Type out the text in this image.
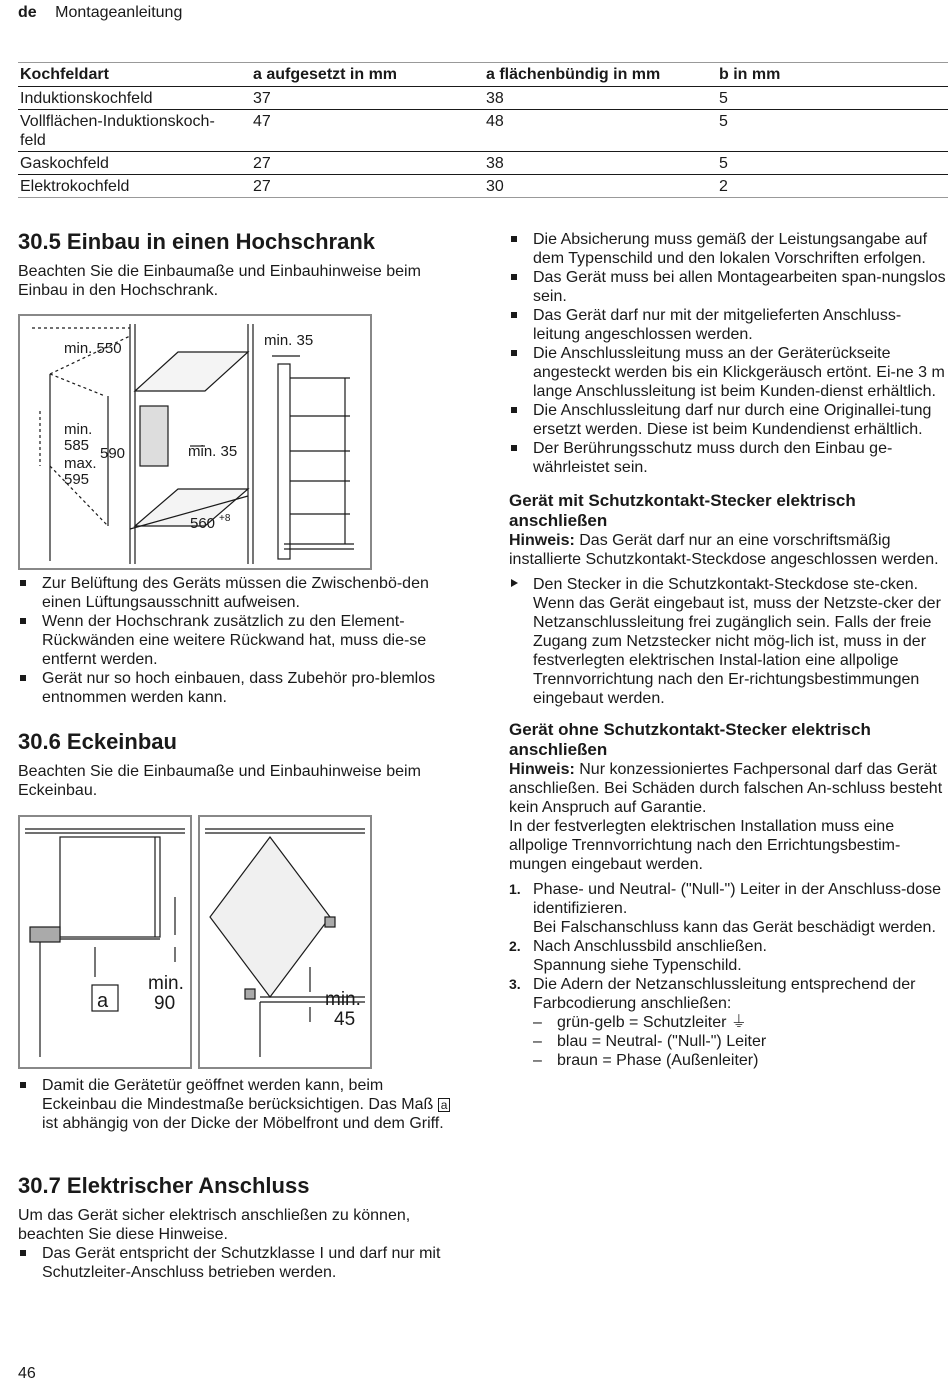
de Montageanleitung
Kochfeldart	a aufgesetzt in mm	a flächenbündig in mm	b in mm
Induktionskochfeld	37	38	5
Vollflächen-Induktionskoch-
feld	47	48	5
Gaskochfeld	27	38	5
Elektrokochfeld	27	30	2
30.5 Einbau in einen Hochschrank

Beachten Sie die Einbaumaße und Einbauhinweise beim Einbau in den Hochschrank.

min. 550	min. 35
min.
585 590
max.
595
min. 35
560 +8
Zur Belüftung des Geräts müssen die Zwischenbö-den einen Lüftungsausschnitt aufweisen.
Wenn der Hochschrank zusätzlich zu den Element-Rückwänden eine weitere Rückwand hat, muss die-se entfernt werden.
Gerät nur so hoch einbauen, dass Zubehör pro-blemlos entnommen werden kann.
30.6 Eckeinbau

Beachten Sie die Einbaumaße und Einbauhinweise beim Eckeinbau.

min.
90
a	min.
45
Damit die Gerätetür geöffnet werden kann, beim Eckeinbau die Mindestmaße berücksichtigen. Das Maß a ist abhängig von der Dicke der Möbelfront und dem Griff.
30.7 Elektrischer Anschluss

Um das Gerät sicher elektrisch anschließen zu können, beachten Sie diese Hinweise.

Das Gerät entspricht der Schutzklasse I und darf nur mit Schutzleiter-Anschluss betrieben werden.
Die Absicherung muss gemäß der Leistungsangabe auf dem Typenschild und den lokalen Vorschriften erfolgen.
Das Gerät muss bei allen Montagearbeiten span-nungslos sein.
Das Gerät darf nur mit der mitgelieferten Anschluss-leitung angeschlossen werden.
Die Anschlussleitung muss an der Geräterückseite angesteckt werden bis ein Klickgeräusch ertönt. Ei-ne 3 m lange Anschlussleitung ist beim Kunden-dienst erhältlich.
Die Anschlussleitung darf nur durch eine Originallei-tung ersetzt werden. Diese ist beim Kundendienst erhältlich.
Der Berührungsschutz muss durch den Einbau ge-währleistet sein.
Gerät mit Schutzkontakt-Stecker elektrisch anschließen

Hinweis: Das Gerät darf nur an eine vorschriftsmäßig installierte Schutzkontakt-Steckdose angeschlossen werden.

Den Stecker in die Schutzkontakt-Steckdose ste-cken.
Wenn das Gerät eingebaut ist, muss der Netzste-cker der Netzanschlussleitung frei zugänglich sein. Falls der freie Zugang zum Netzstecker nicht mög-lich ist, muss in der festverlegten elektrischen Instal-lation eine allpolige Trennvorrichtung nach den Er-richtungsbestimmungen eingebaut werden.
Gerät ohne Schutzkontakt-Stecker elektrisch anschließen

Hinweis: Nur konzessioniertes Fachpersonal darf das Gerät anschließen. Bei Schäden durch falschen An-schluss besteht kein Anspruch auf Garantie.

In der festverlegten elektrischen Installation muss eine allpolige Trennvorrichtung nach den Errichtungsbestim-mungen eingebaut werden.

1. Phase- und Neutral- ("Null-") Leiter in der Anschluss-dose identifizieren.
Bei Falschanschluss kann das Gerät beschädigt werden.
2. Nach Anschlussbild anschließen.
Spannung siehe Typenschild.
3. Die Adern der Netzanschlussleitung entsprechend der Farbcodierung anschließen:
– grün-gelb = Schutzleiter ⏚
– blau = Neutral- ("Null-") Leiter
– braun = Phase (Außenleiter)
46
